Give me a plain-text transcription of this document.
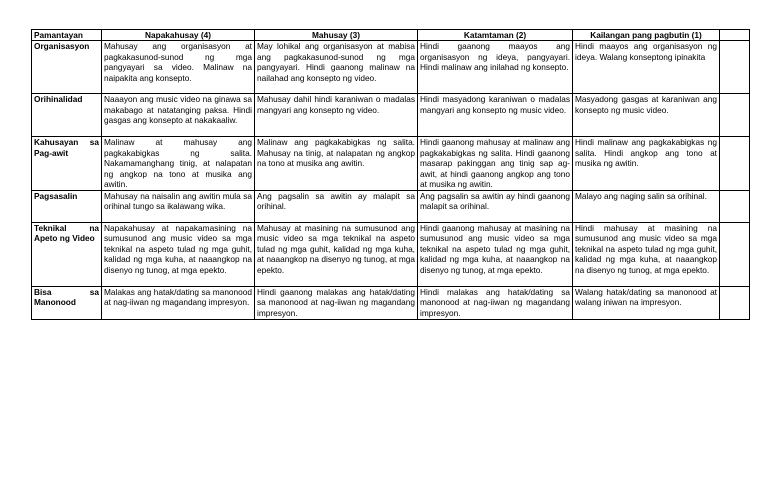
Pamantayan	Napakahusay (4)	Mahusay (3)	Katamtaman (2)	Kailangan pang pagbutin (1)	
Organisasyon	Mahusay ang organisasyon at pagkakasunod-sunod ng mga pangyayari sa video. Malinaw na naipakita ang konsepto.	May lohikal ang organisasyon at mabisa ang pagkakasunod-sunod ng mga pangyayari. Hindi gaanong malinaw na nailahad ang konsepto ng video.	Hindi gaanong maayos ang organisasyon ng ideya, pangyayari. Hindi malinaw ang inilahad ng konsepto.	Hindi maayos ang organisasyon ng ideya. Walang konseptong ipinakita	
Orihinalidad	Naaayon ang music video na ginawa sa makabago at natatanging paksa. Hindi gasgas ang konsepto at nakakaaliw.	Mahusay dahil hindi karaniwan o madalas mangyari ang konsepto ng video.	Hindi masyadong karaniwan o madalas mangyari ang konsepto ng music video.	Masyadong gasgas at karaniwan ang konsepto ng music video.	
Kahusayan sa Pag-awit	Malinaw at mahusay ang pagkakabigkas ng salita. Nakamamanghang tinig, at nalapatan ng angkop na tono at musika ang awitin.	Malinaw ang pagkakabigkas ng salita. Mahusay na tinig, at nalapatan ng angkop na tono at musika ang awitin.	Hindi gaanong mahusay at malinaw ang pagkakabigkas ng salita. Hindi gaanong masarap pakinggan ang tinig sap ag-awit, at hindi gaanong angkop ang tono at musika ng awitin.	Hindi malinaw ang pagkakabigkas ng salita. Hindi angkop ang tono at musika ng awitin.	
Pagsasalin	Mahusay na naisalin ang awitin mula sa orihinal tungo sa ikalawang wika.	Ang pagsalin sa awitin ay malapit sa orihinal.	Ang pagsalin sa awitin ay hindi gaanong malapit sa orihinal.	Malayo ang naging salin sa orihinal.	
Teknikal na Apeto ng Video	Napakahusay at napakamasining na sumusunod ang music video sa mga teknikal na aspeto tulad ng mga guhit, kalidad ng mga kuha, at naaangkop na disenyo ng tunog, at mga epekto.	Mahusay at masining na sumusunod ang music video sa mga teknikal na aspeto tulad ng mga guhit, kalidad ng mga kuha, at naaangkop na disenyo ng tunog, at mga epekto.	Hindi gaanong mahusay at masining na sumusunod ang music video sa mga teknikal na aspeto tulad ng mga guhit, kalidad ng mga kuha, at naaangkop na disenyo ng tunog, at mga epekto.	Hindi mahusay at masining na sumusunod ang music video sa mga teknikal na aspeto tulad ng mga guhit, kalidad ng mga kuha, at naaangkop na disenyo ng tunog, at mga epekto.	
Bisa sa Manonood	Malakas ang hatak/dating sa manonood at nag-iiwan ng magandang impresyon.	Hindi gaanong malakas ang hatak/dating sa manonood at nag-iiwan ng magandang impresyon.	Hindi malakas ang hatak/dating sa manonood at nag-iiwan ng magandang impresyon.	Walang hatak/dating sa manonood at walang iniwan na impresyon.	
